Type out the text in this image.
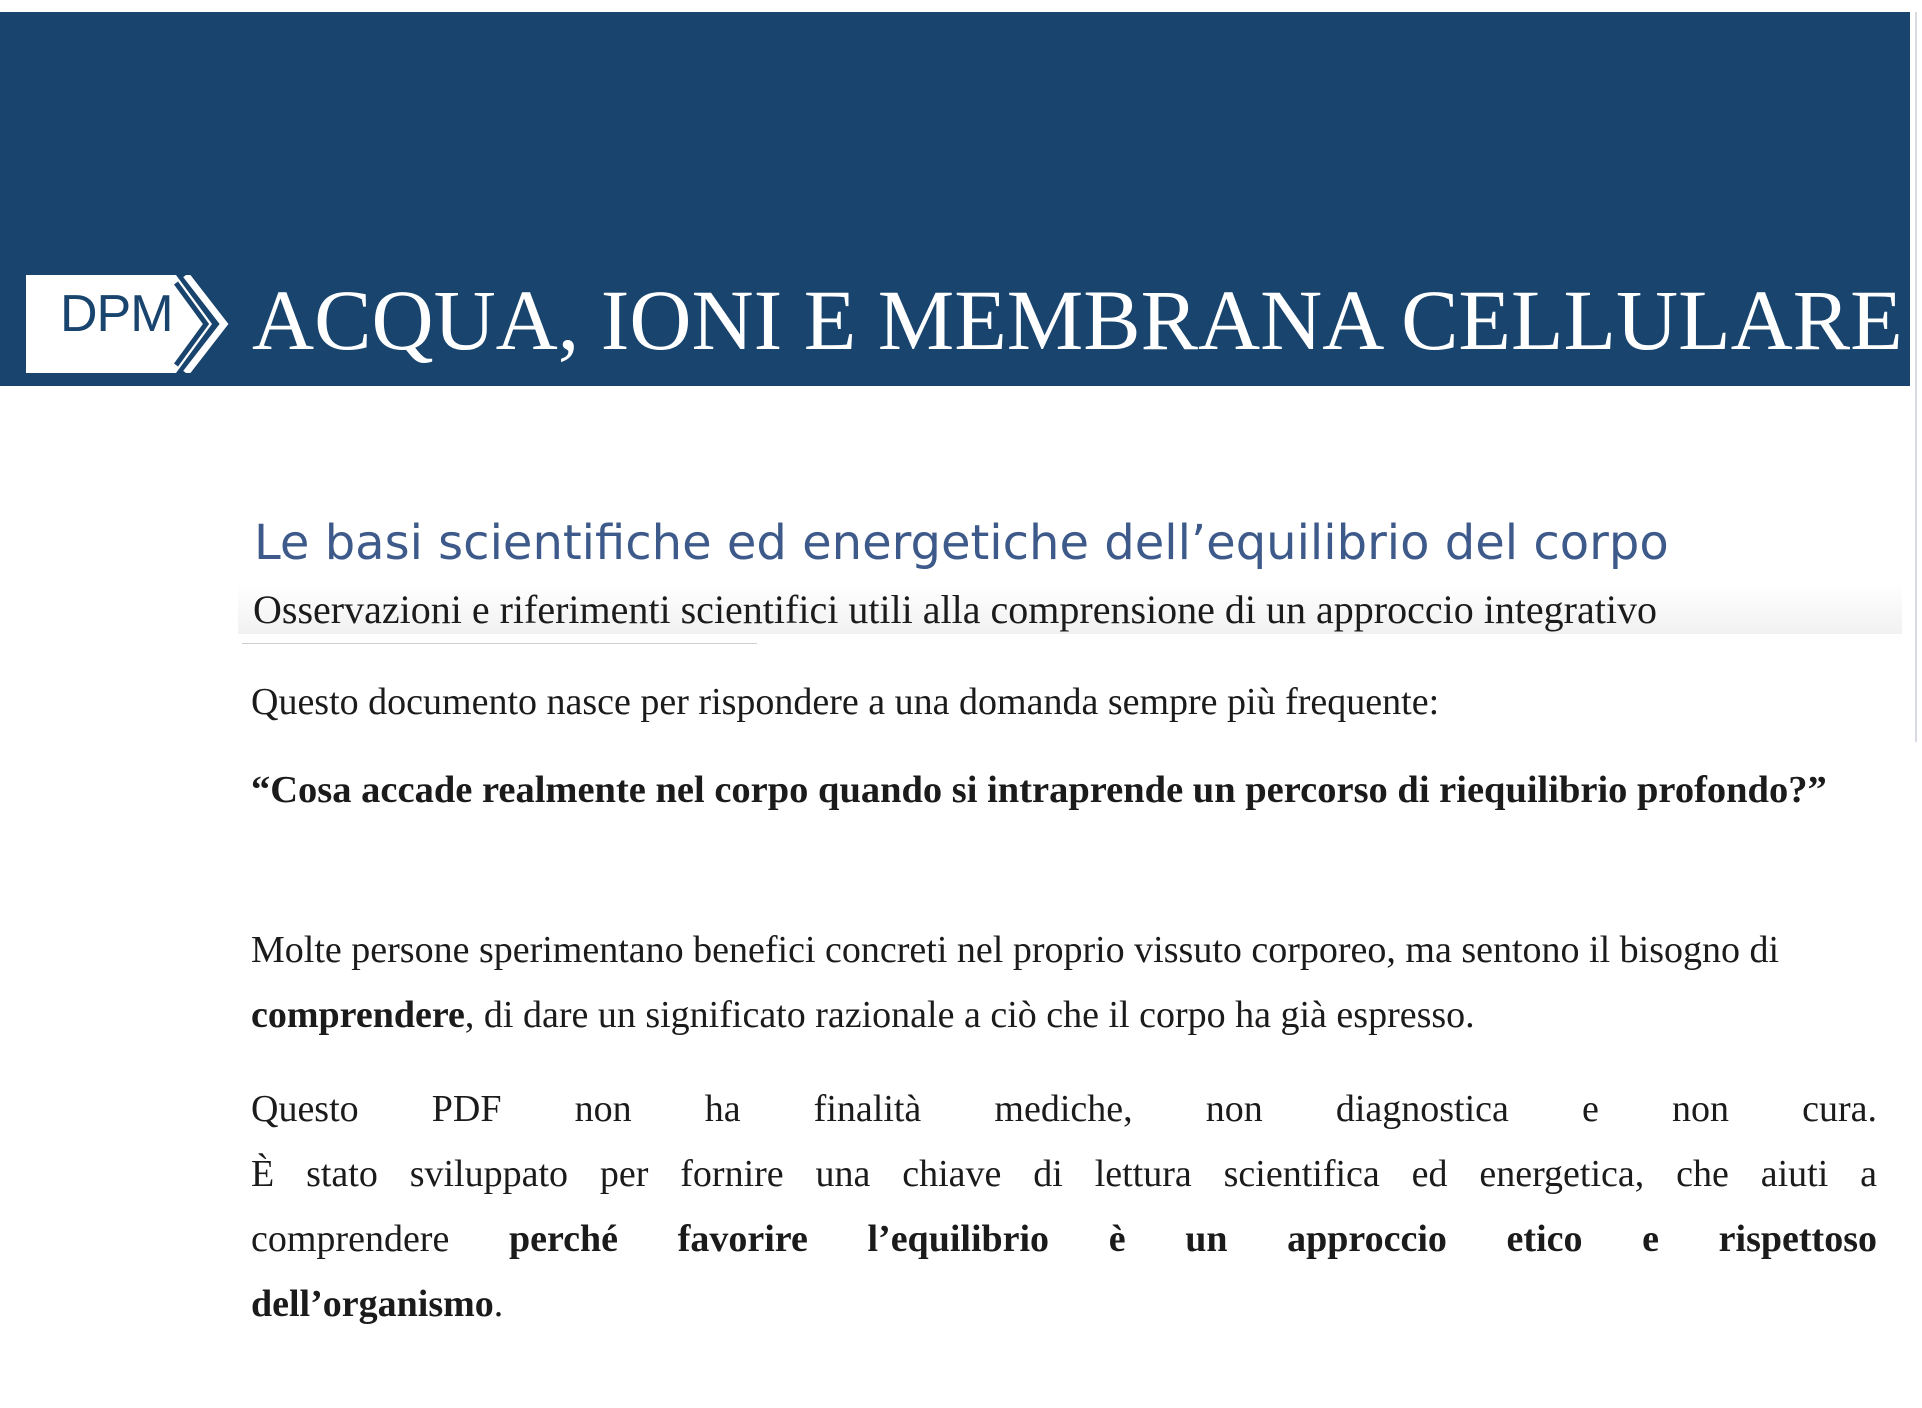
DPM ACQUA, IONI E MEMBRANA CELLULARE
Le basi scientifiche ed energetiche dell’equilibrio del corpo
Osservazioni e riferimenti scientifici utili alla comprensione di un approccio integrativo
Questo documento nasce per rispondere a una domanda sempre più frequente:
“Cosa accade realmente nel corpo quando si intraprende un percorso di riequilibrio profondo?”
Molte persone sperimentano benefici concreti nel proprio vissuto corporeo, ma sentono il bisogno di comprendere, di dare un significato razionale a ciò che il corpo ha già espresso.
Questo PDF non ha finalità mediche, non diagnostica e non cura.
È stato sviluppato per fornire una chiave di lettura scientifica ed energetica, che aiuti a
comprendere perché favorire l’equilibrio è un approccio etico e rispettoso
dell’organismo.
